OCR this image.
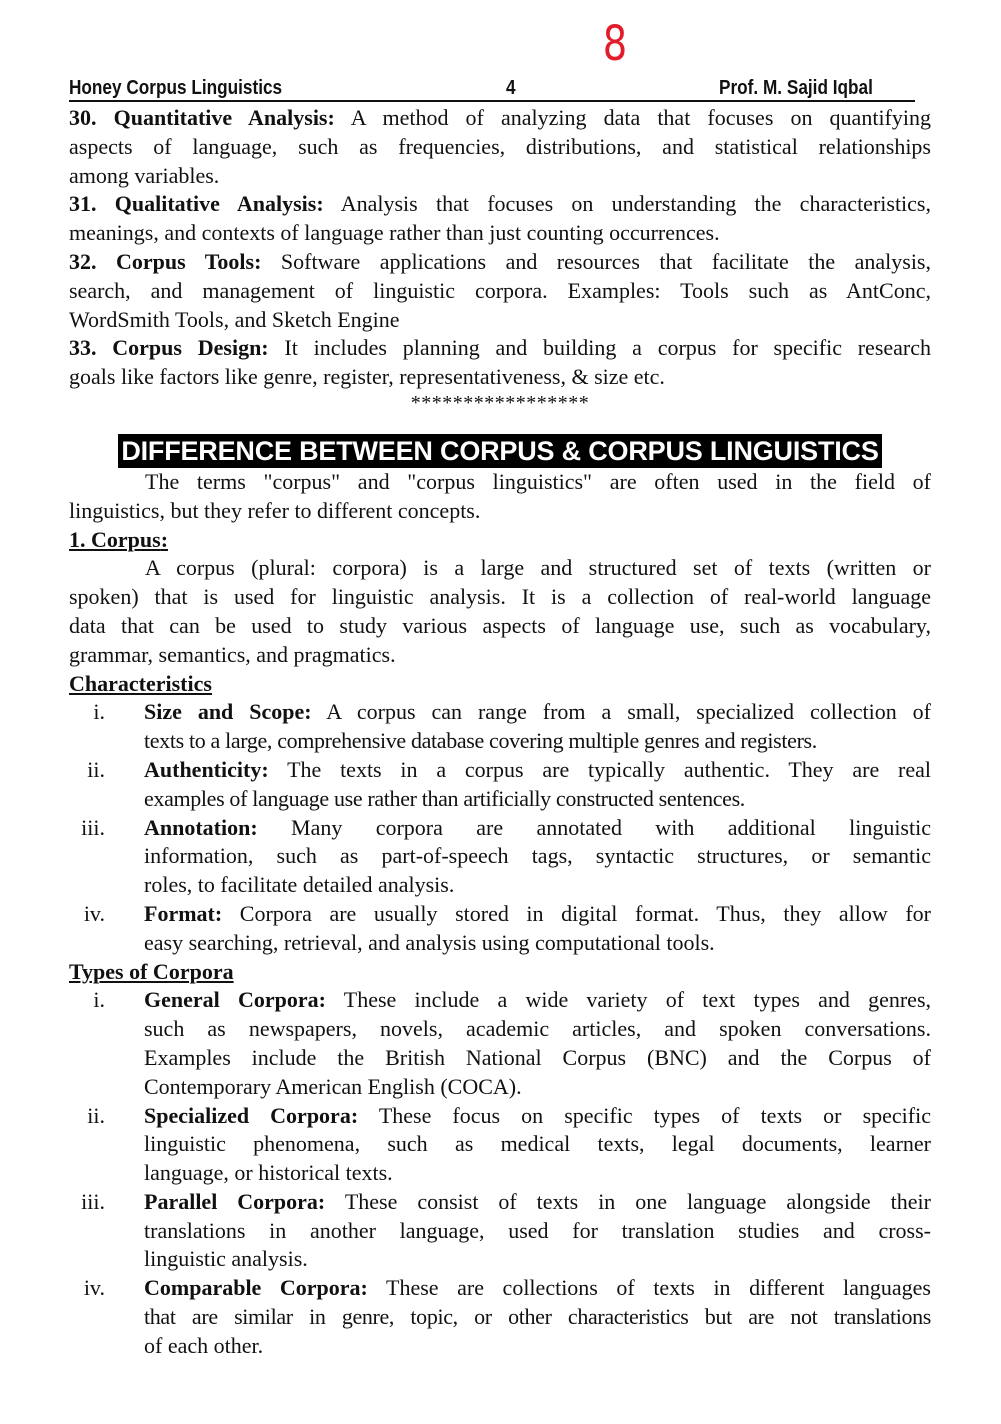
8
Honey Corpus Linguistics	4	Prof. M. Sajid Iqbal
30. Quantitative Analysis: A method of analyzing data that focuses on quantifying
aspects of language, such as frequencies, distributions, and statistical relationships
among variables.
31. Qualitative Analysis: Analysis that focuses on understanding the characteristics,
meanings, and contexts of language rather than just counting occurrences.
32. Corpus Tools: Software applications and resources that facilitate the analysis,
search, and management of linguistic corpora. Examples: Tools such as AntConc,
WordSmith Tools, and Sketch Engine
33. Corpus Design: It includes planning and building a corpus for specific research
goals like factors like genre, register, representativeness, & size etc.
*****************
DIFFERENCE BETWEEN CORPUS & CORPUS LINGUISTICS
The terms "corpus" and "corpus linguistics" are often used in the field of
linguistics, but they refer to different concepts.
1. Corpus:
A corpus (plural: corpora) is a large and structured set of texts (written or
spoken) that is used for linguistic analysis. It is a collection of real-world language
data that can be used to study various aspects of language use, such as vocabulary,
grammar, semantics, and pragmatics.
Characteristics
i. Size and Scope: A corpus can range from a small, specialized collection of
texts to a large, comprehensive database covering multiple genres and registers.
ii. Authenticity: The texts in a corpus are typically authentic. They are real
examples of language use rather than artificially constructed sentences.
iii. Annotation: Many corpora are annotated with additional linguistic
information, such as part-of-speech tags, syntactic structures, or semantic
roles, to facilitate detailed analysis.
iv. Format: Corpora are usually stored in digital format. Thus, they allow for
easy searching, retrieval, and analysis using computational tools.
Types of Corpora
i. General Corpora: These include a wide variety of text types and genres,
such as newspapers, novels, academic articles, and spoken conversations.
Examples include the British National Corpus (BNC) and the Corpus of
Contemporary American English (COCA).
ii. Specialized Corpora: These focus on specific types of texts or specific
linguistic phenomena, such as medical texts, legal documents, learner
language, or historical texts.
iii. Parallel Corpora: These consist of texts in one language alongside their
translations in another language, used for translation studies and cross-
linguistic analysis.
iv. Comparable Corpora: These are collections of texts in different languages
that are similar in genre, topic, or other characteristics but are not translations
of each other.
